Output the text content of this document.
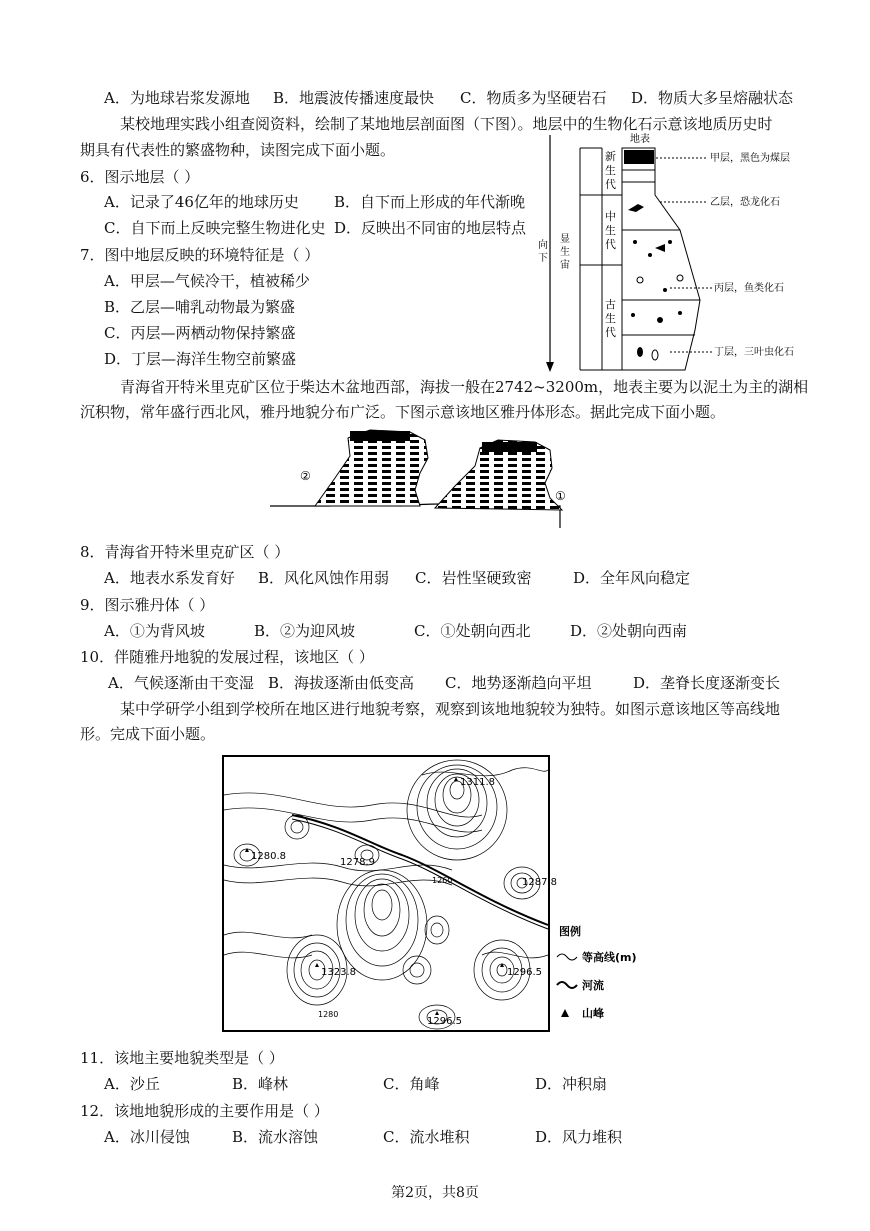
A．为地球岩浆发源地 B．地震波传播速度最快 C．物质多为坚硬岩石 D．物质大多呈熔融状态
某校地理实践小组查阅资料，绘制了某地地层剖面图（下图）。地层中的生物化石示意该地质历史时
期具有代表性的繁盛物种，读图完成下面小题。
6．图示地层（ ）
A．记录了46亿年的地球历史 B．自下而上形成的年代渐晚
C．自下而上反映完整生物进化史 D．反映出不同宙的地层特点
7．图中地层反映的环境特征是（ ）
A．甲层—气候冷干，植被稀少
B．乙层—哺乳动物最为繁盛
C．丙层—两栖动物保持繁盛
D．丁层—海洋生物空前繁盛
地表
向 下
显生宙
新生代
中生代
古生代
甲层，黑色为煤层
乙层，恐龙化石
丙层，鱼类化石
丁层，三叶虫化石
青海省开特米里克矿区位于柴达木盆地西部，海拔一般在2742~3200m，地表主要为以泥土为主的湖相
沉积物，常年盛行西北风，雅丹地貌分布广泛。下图示意该地区雅丹体形态。据此完成下面小题。
②
①
8．青海省开特米里克矿区（ ）
A．地表水系发育好 B．风化风蚀作用弱 C．岩性坚硬致密	D．全年风向稳定
9．图示雅丹体（ ）
A．①为背风坡	B．②为迎风坡	C．①处朝向西北	D．②处朝向西南
10．伴随雅丹地貌的发展过程，该地区（ ）
A．气候逐渐由干变湿 B．海拔逐渐由低变高 C．地势逐渐趋向平坦	D．垄脊长度逐渐变长
某中学研学小组到学校所在地区进行地貌考察，观察到该地地貌较为独特。如图示意该地区等高线地
形。完成下面小题。
1311.8
1280.8
1278.9
1287.8
1323.8	1296.5
1296.5
1260
1280
图例
等高线(m)
河流
山峰
11．该地主要地貌类型是（ ）
A．沙丘	B．峰林	C．角峰	D．冲积扇
12．该地地貌形成的主要作用是（ ）
A．冰川侵蚀	B．流水溶蚀	C．流水堆积	D．风力堆积
第2页，共8页
